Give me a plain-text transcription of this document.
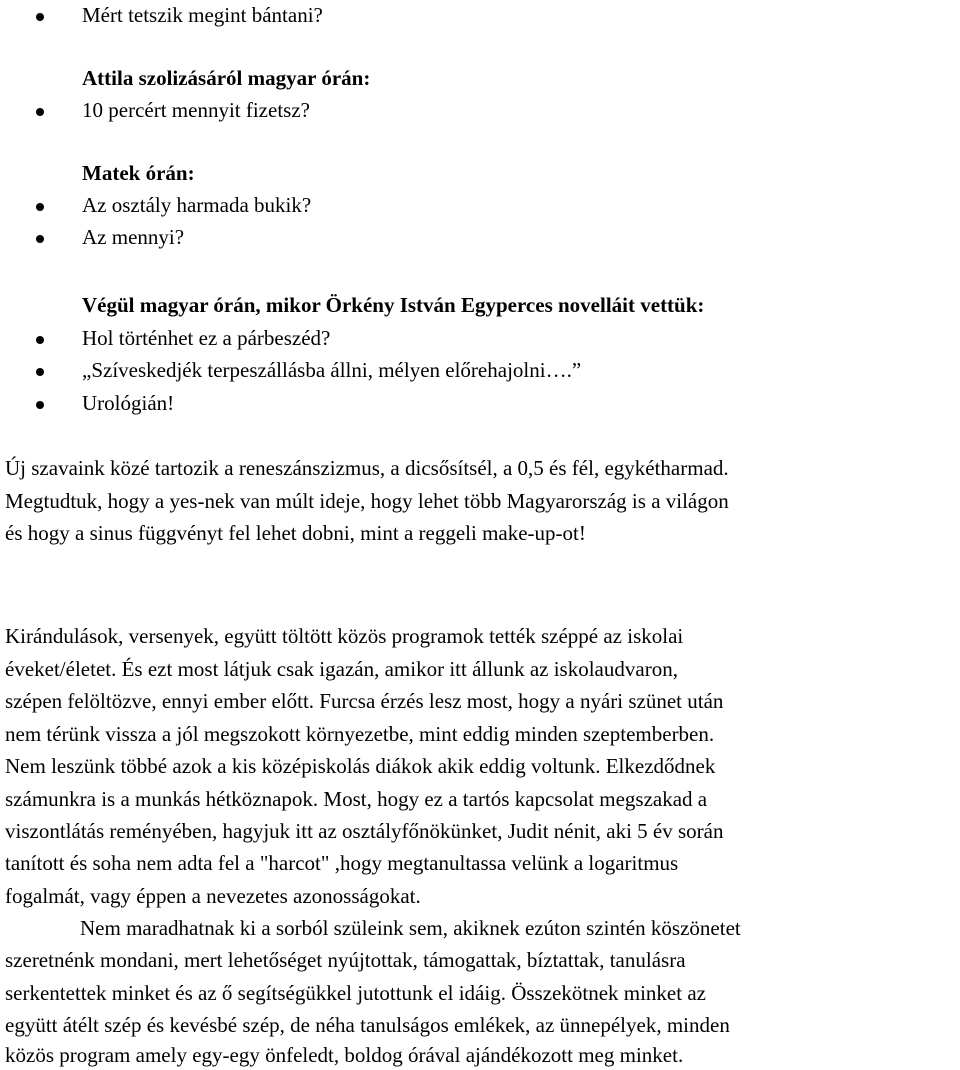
Mért tetszik megint bántani?
Attila szolizásáról magyar órán:
10 percért mennyit fizetsz?
Matek órán:
Az osztály harmada bukik?
Az mennyi?
Végül magyar órán, mikor Örkény István Egyperces novelláit vettük:
Hol történhet ez a párbeszéd?
„Szíveskedjék terpeszállásba állni, mélyen előrehajolni….”
Urológián!
Új szavaink közé tartozik a reneszánszizmus, a dicsősítsél, a 0,5 és fél, egykétharmad.
Megtudtuk, hogy a yes-nek van múlt ideje, hogy lehet több Magyarország is a világon
és hogy a sinus függvényt fel lehet dobni, mint a reggeli make-up-ot!
Kirándulások, versenyek, együtt töltött közös programok tették széppé az iskolai
éveket/életet. És ezt most látjuk csak igazán, amikor itt állunk az iskolaudvaron,
szépen felöltözve, ennyi ember előtt. Furcsa érzés lesz most, hogy a nyári szünet után
nem térünk vissza a jól megszokott környezetbe, mint eddig minden szeptemberben.
Nem leszünk többé azok a kis középiskolás diákok akik eddig voltunk. Elkezdődnek
számunkra is a munkás hétköznapok. Most, hogy ez a tartós kapcsolat megszakad a
viszontlátás reményében, hagyjuk itt az osztályfőnökünket, Judit nénit, aki 5 év során
tanított és soha nem adta fel a "harcot" ,hogy megtanultassa velünk a logaritmus
fogalmát, vagy éppen a nevezetes azonosságokat.
Nem maradhatnak ki a sorból szüleink sem, akiknek ezúton szintén köszönetet
szeretnénk mondani, mert lehetőséget nyújtottak, támogattak, bíztattak, tanulásra
serkentettek minket és az ő segítségükkel jutottunk el idáig. Összekötnek minket az
együtt átélt szép és kevésbé szép, de néha tanulságos emlékek, az ünnepélyek, minden
közös program amely egy-egy önfeledt, boldog órával ajándékozott meg minket.
